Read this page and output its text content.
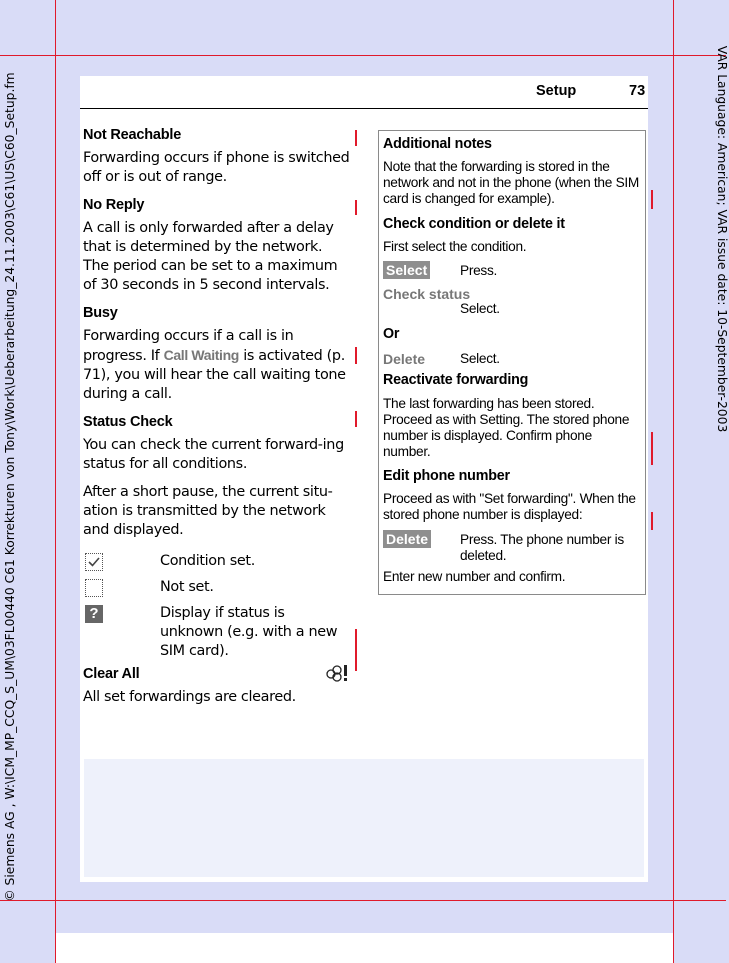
© Siemens AG , W:\ICM_MP_CCQ_S_UM\03FL00440 C61 Korrekturen von Tony\Work\Ueberarbeitung_24.11.2003\C61\US\C60_Setup.fm	VAR Language: American; VAR issue date: 10-September-2003
Setup	73
Not Reachable

Forwarding occurs if phone is switched off or is out of range.

No Reply

A call is only forwarded after a delay that is determined by the network. The period can be set to a maximum of 30 seconds in 5 second intervals.

Busy

Forwarding occurs if a call is in progress. If Call Waiting is activated (p. 71), you will hear the call waiting tone during a call.

Status Check

You can check the current forward-ing status for all conditions.

After a short pause, the current situ-ation is transmitted by the network and displayed.

Condition set.
Not set.
?	Display if status is unknown (e.g. with a new SIM card).
Clear All

All set forwardings are cleared.

Additional notes

Note that the forwarding is stored in the network and not in the phone (when the SIM card is changed for example).

Check condition or delete it

First select the condition.

Select Press.
Check status
Select.
Or
Delete	Select.
Reactivate forwarding

The last forwarding has been stored. Proceed as with Setting. The stored phone number is displayed. Confirm phone number.

Edit phone number

Proceed as with "Set forwarding". When the stored phone number is displayed:

Delete Press. The phone number is deleted.

Enter new number and confirm.
